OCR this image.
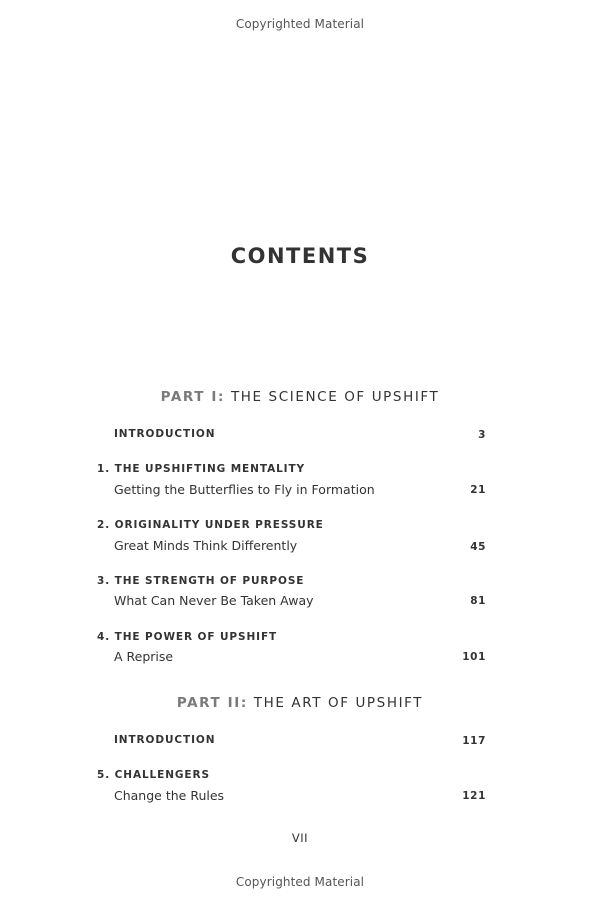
Copyrighted Material
CONTENTS
PART I: THE SCIENCE OF UPSHIFT
INTRODUCTION	3
1. THE UPSHIFTING MENTALITY
Getting the Butterflies to Fly in Formation	21
2. ORIGINALITY UNDER PRESSURE
Great Minds Think Differently	45
3. THE STRENGTH OF PURPOSE
What Can Never Be Taken Away	81
4. THE POWER OF UPSHIFT
A Reprise	101
PART II: THE ART OF UPSHIFT
INTRODUCTION	117
5. CHALLENGERS
Change the Rules	121
VII
Copyrighted Material
